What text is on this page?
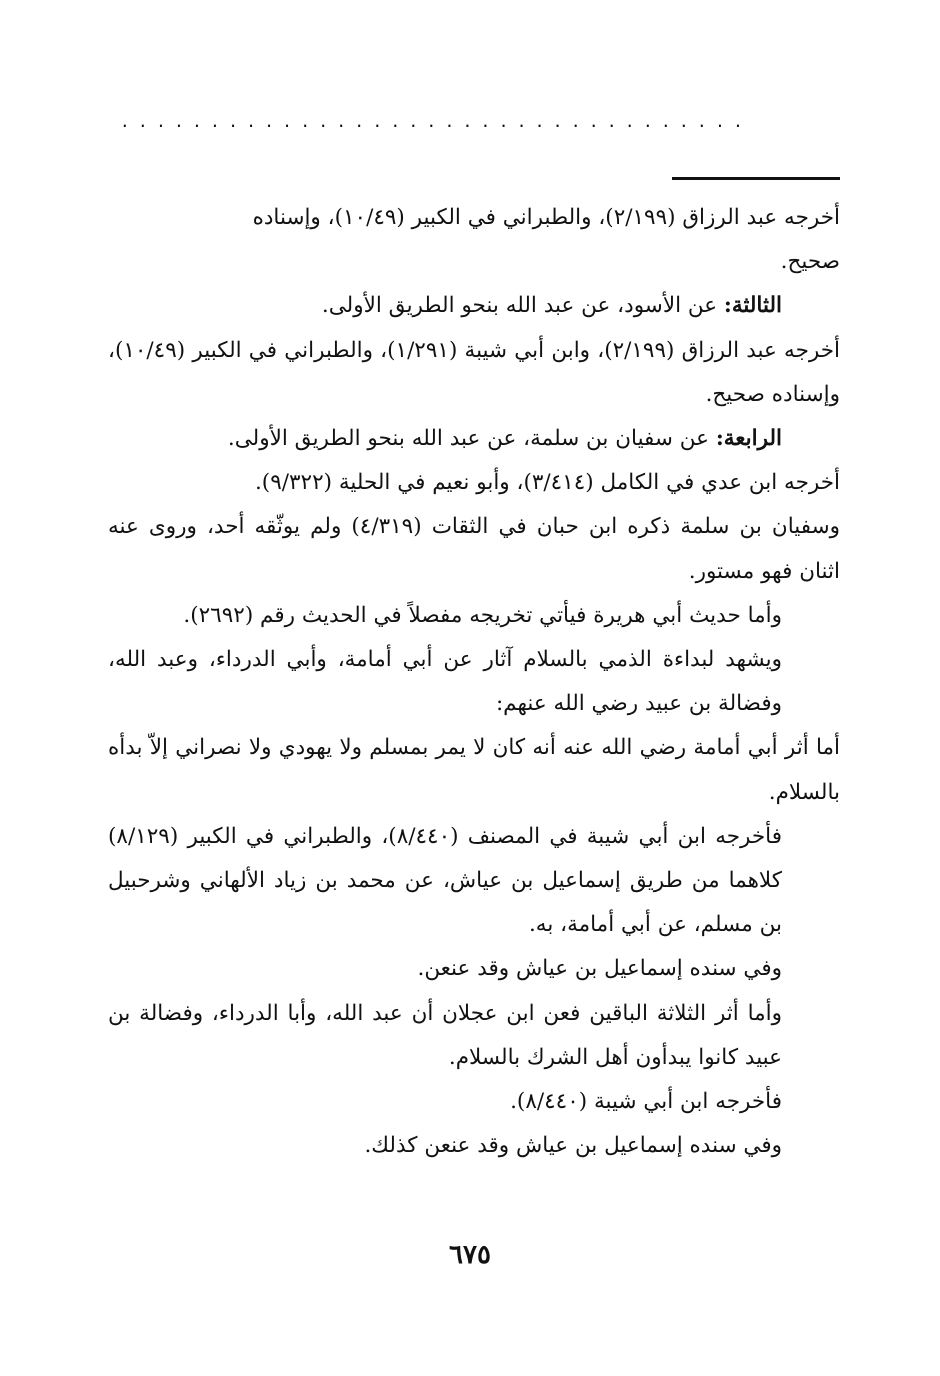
...................................

أخرجه عبد الرزاق (٢/١٩٩)، والطبراني في الكبير (١٠/٤٩)، وإسناده
صحيح.

الثالثة: عن الأسود، عن عبد الله بنحو الطريق الأولى.

أخرجه عبد الرزاق (٢/١٩٩)، وابن أبي شيبة (١/٢٩١)، والطبراني في الكبير (١٠/٤٩)، وإسناده صحيح.

الرابعة: عن سفيان بن سلمة، عن عبد الله بنحو الطريق الأولى.

أخرجه ابن عدي في الكامل (٣/٤١٤)، وأبو نعيم في الحلية (٩/٣٢٢).

وسفيان بن سلمة ذكره ابن حبان في الثقات (٤/٣١٩) ولم يوثّقه أحد، وروى عنه اثنان فهو مستور.

وأما حديث أبي هريرة فيأتي تخريجه مفصلاً في الحديث رقم (٢٦٩٢).

ويشهد لبداءة الذمي بالسلام آثار عن أبي أمامة، وأبي الدرداء، وعبد الله، وفضالة بن عبيد رضي الله عنهم:

أما أثر أبي أمامة رضي الله عنه أنه كان لا يمر بمسلم ولا يهودي ولا نصراني إلاّ بدأه بالسلام.

فأخرجه ابن أبي شيبة في المصنف (٨/٤٤٠)، والطبراني في الكبير (٨/١٢٩) كلاهما من طريق إسماعيل بن عياش، عن محمد بن زياد الألهاني وشرحبيل بن مسلم، عن أبي أمامة، به.

وفي سنده إسماعيل بن عياش وقد عنعن.

وأما أثر الثلاثة الباقين فعن ابن عجلان أن عبد الله، وأبا الدرداء، وفضالة بن عبيد كانوا يبدأون أهل الشرك بالسلام.

فأخرجه ابن أبي شيبة (٨/٤٤٠).

وفي سنده إسماعيل بن عياش وقد عنعن كذلك.

٦٧٥
